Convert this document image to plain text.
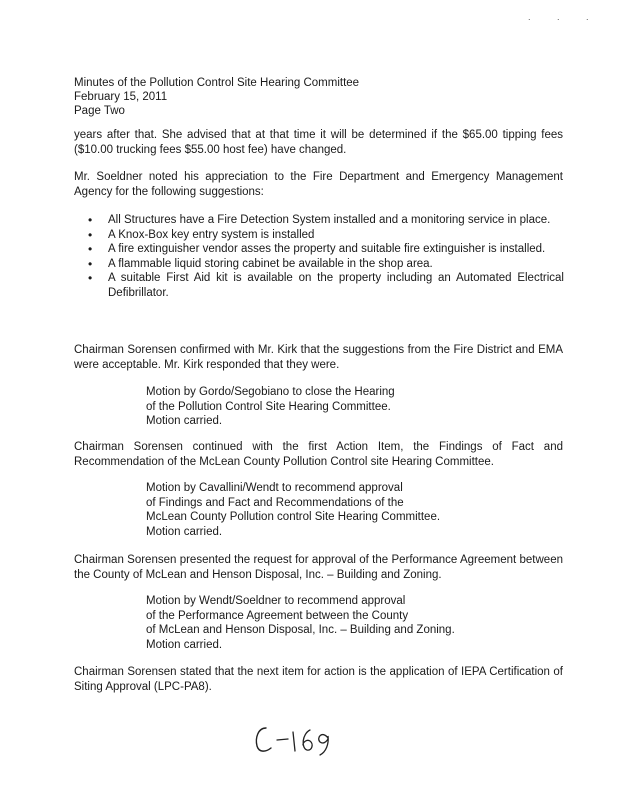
. . .
Minutes of the Pollution Control Site Hearing Committee
February 15, 2011
Page Two
years after that. She advised that at that time it will be determined if the $65.00 tipping fees ($10.00 trucking fees $55.00 host fee) have changed.
Mr. Soeldner noted his appreciation to the Fire Department and Emergency Management Agency for the following suggestions:
• All Structures have a Fire Detection System installed and a monitoring service in place.
• A Knox-Box key entry system is installed
• A fire extinguisher vendor asses the property and suitable fire extinguisher is installed.
• A flammable liquid storing cabinet be available in the shop area.
• A suitable First Aid kit is available on the property including an Automated Electrical Defibrillator.
Chairman Sorensen confirmed with Mr. Kirk that the suggestions from the Fire District and EMA were acceptable. Mr. Kirk responded that they were.
Motion by Gordo/Segobiano to close the Hearing
of the Pollution Control Site Hearing Committee.
Motion carried.
Chairman Sorensen continued with the first Action Item, the Findings of Fact and Recommendation of the McLean County Pollution Control site Hearing Committee.
Motion by Cavallini/Wendt to recommend approval
of Findings and Fact and Recommendations of the
McLean County Pollution control Site Hearing Committee.
Motion carried.
Chairman Sorensen presented the request for approval of the Performance Agreement between the County of McLean and Henson Disposal, Inc. – Building and Zoning.
Motion by Wendt/Soeldner to recommend approval
of the Performance Agreement between the County
of McLean and Henson Disposal, Inc. – Building and Zoning.
Motion carried.
Chairman Sorensen stated that the next item for action is the application of IEPA Certification of Siting Approval (LPC-PA8).
